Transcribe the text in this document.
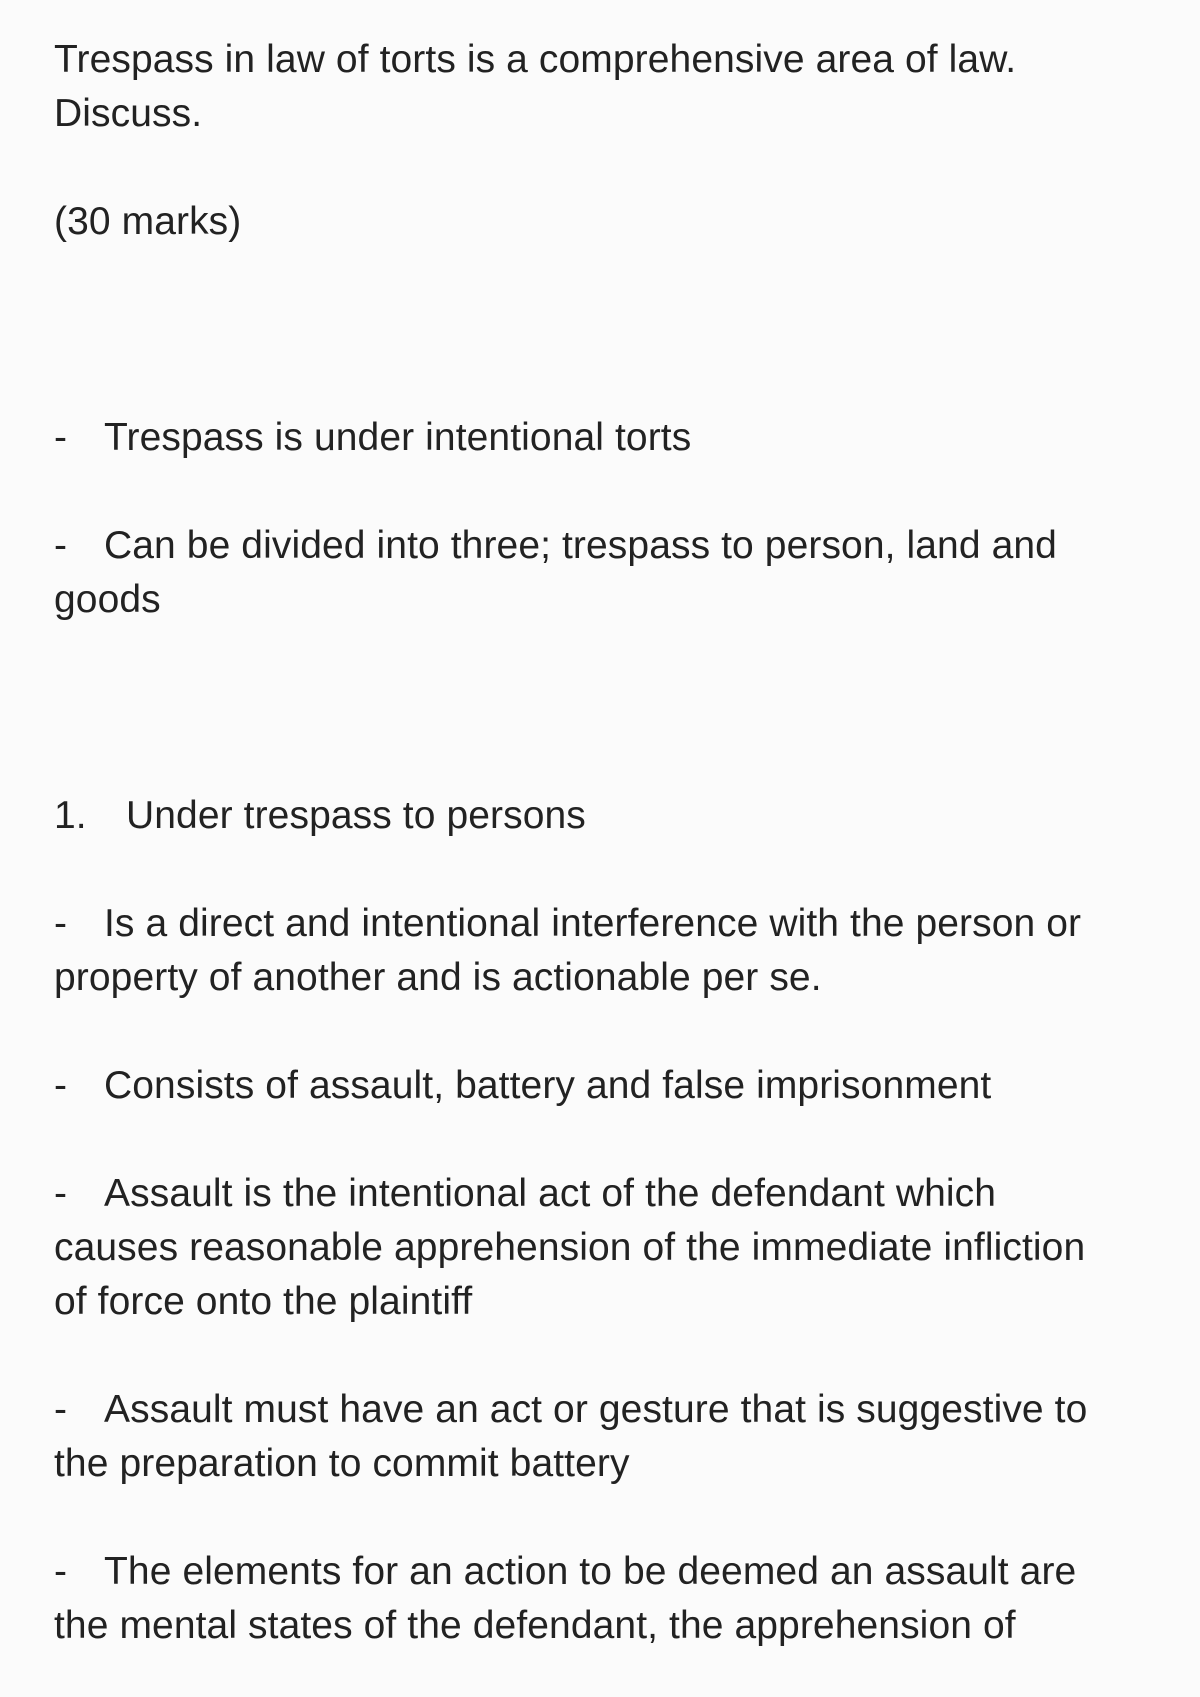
Trespass in law of torts is a comprehensive area of law.
Discuss.
(30 marks)
- Trespass is under intentional torts
- Can be divided into three; trespass to person, land and
goods
1. Under trespass to persons
- Is a direct and intentional interference with the person or
property of another and is actionable per se.
- Consists of assault, battery and false imprisonment
- Assault is the intentional act of the defendant which
causes reasonable apprehension of the immediate infliction
of force onto the plaintiff
- Assault must have an act or gesture that is suggestive to
the preparation to commit battery
- The elements for an action to be deemed an assault are
the mental states of the defendant, the apprehension of
